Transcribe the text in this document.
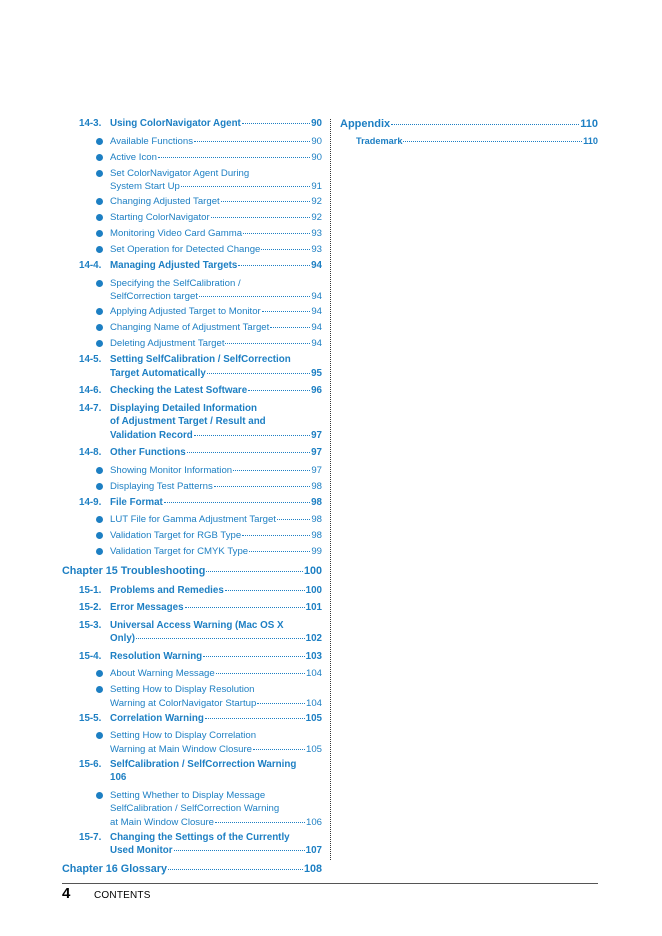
14-3. Using ColorNavigator Agent	90
Available Functions	90
Active Icon	90
Set ColorNavigator Agent During
System Start Up	91
Changing Adjusted Target	92
Starting ColorNavigator	92
Monitoring Video Card Gamma	93
Set Operation for Detected Change	93
14-4. Managing Adjusted Targets	94
Specifying the SelfCalibration /
SelfCorrection target	94
Applying Adjusted Target to Monitor	94
Changing Name of Adjustment Target	94
Deleting Adjustment Target	94
14-5. Setting SelfCalibration / SelfCorrection
Target Automatically	95
14-6. Checking the Latest Software	96
14-7. Displaying Detailed Information
of Adjustment Target / Result and
Validation Record	97
14-8. Other Functions	97
Showing Monitor Information	97
Displaying Test Patterns	98
14-9. File Format	98
LUT File for Gamma Adjustment Target	98
Validation Target for RGB Type	98
Validation Target for CMYK Type	99
Chapter 15 Troubleshooting	100
15-1. Problems and Remedies	100
15-2. Error Messages	101
15-3. Universal Access Warning (Mac OS X
Only)	102
15-4. Resolution Warning	103
About Warning Message	104
Setting How to Display Resolution
Warning at ColorNavigator Startup	104
15-5. Correlation Warning	105
Setting How to Display Correlation
Warning at Main Window Closure	105
15-6. SelfCalibration / SelfCorrection Warning
106
Setting Whether to Display Message
SelfCalibration / SelfCorrection Warning
at Main Window Closure	106
15-7. Changing the Settings of the Currently
Used Monitor	107
Chapter 16 Glossary	108
Appendix	110
Trademark	110
4 CONTENTS
